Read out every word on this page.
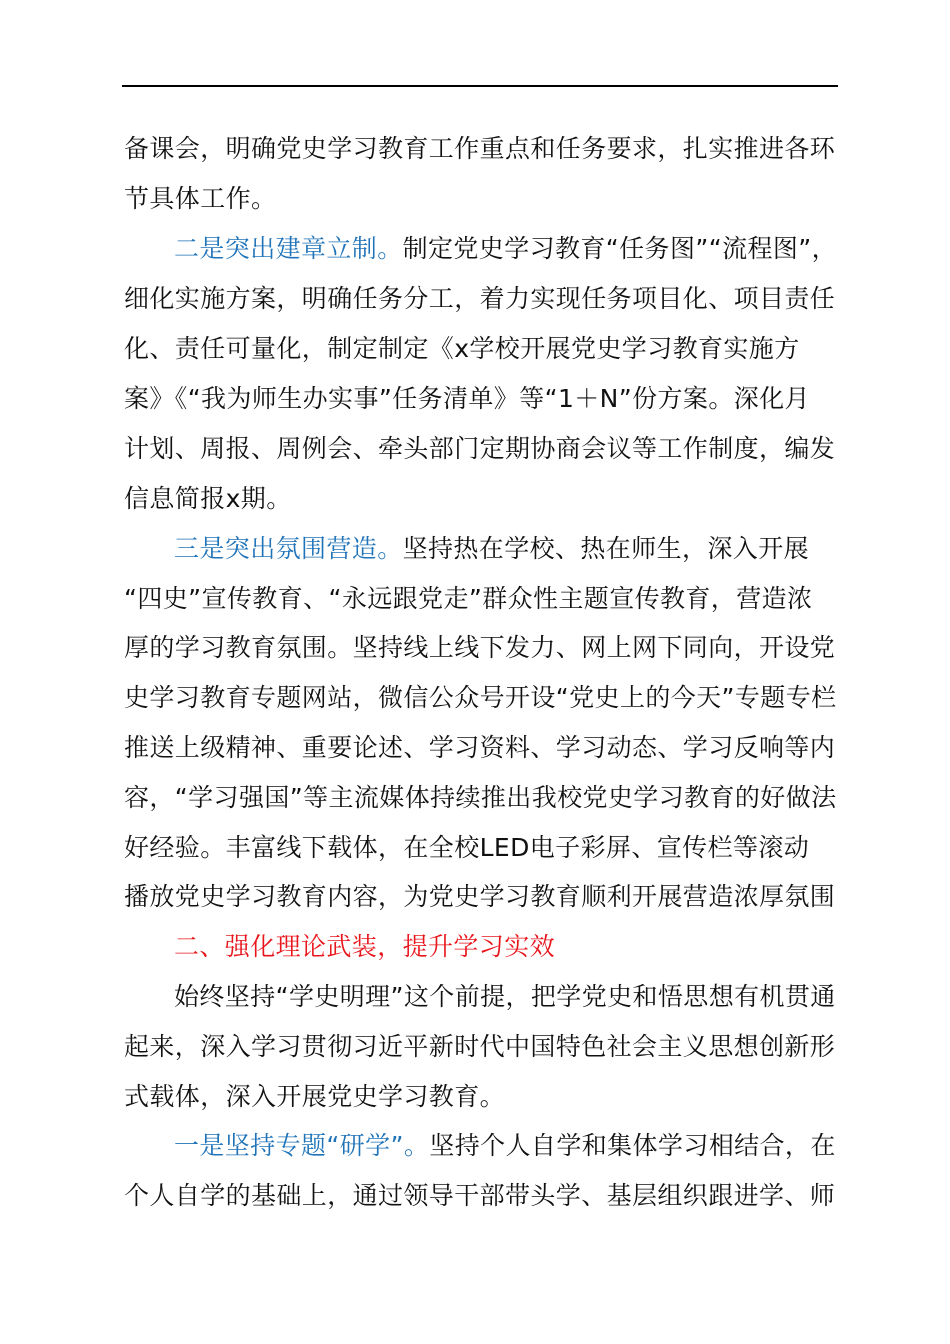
备课会，明确党史学习教育工作重点和任务要求，扎实推进各环
节具体工作。
二是突出建章立制。制定党史学习教育“任务图”“流程图”，
细化实施方案，明确任务分工，着力实现任务项目化、项目责任
化、责任可量化，制定制定《x学校开展党史学习教育实施方
案》《“我为师生办实事”任务清单》等“1＋N”份方案。深化月
计划、周报、周例会、牵头部门定期协商会议等工作制度，编发
信息简报x期。
三是突出氛围营造。坚持热在学校、热在师生，深入开展
“四史”宣传教育、“永远跟党走”群众性主题宣传教育，营造浓
厚的学习教育氛围。坚持线上线下发力、网上网下同向，开设党
史学习教育专题网站，微信公众号开设“党史上的今天”专题专栏
推送上级精神、重要论述、学习资料、学习动态、学习反响等内
容，“学习强国”等主流媒体持续推出我校党史学习教育的好做法
好经验。丰富线下载体，在全校LED电子彩屏、宣传栏等滚动
播放党史学习教育内容，为党史学习教育顺利开展营造浓厚氛围
二、强化理论武装，提升学习实效
始终坚持“学史明理”这个前提，把学党史和悟思想有机贯通
起来，深入学习贯彻习近平新时代中国特色社会主义思想创新形
式载体，深入开展党史学习教育。
一是坚持专题“研学”。坚持个人自学和集体学习相结合，在
个人自学的基础上，通过领导干部带头学、基层组织跟进学、师
